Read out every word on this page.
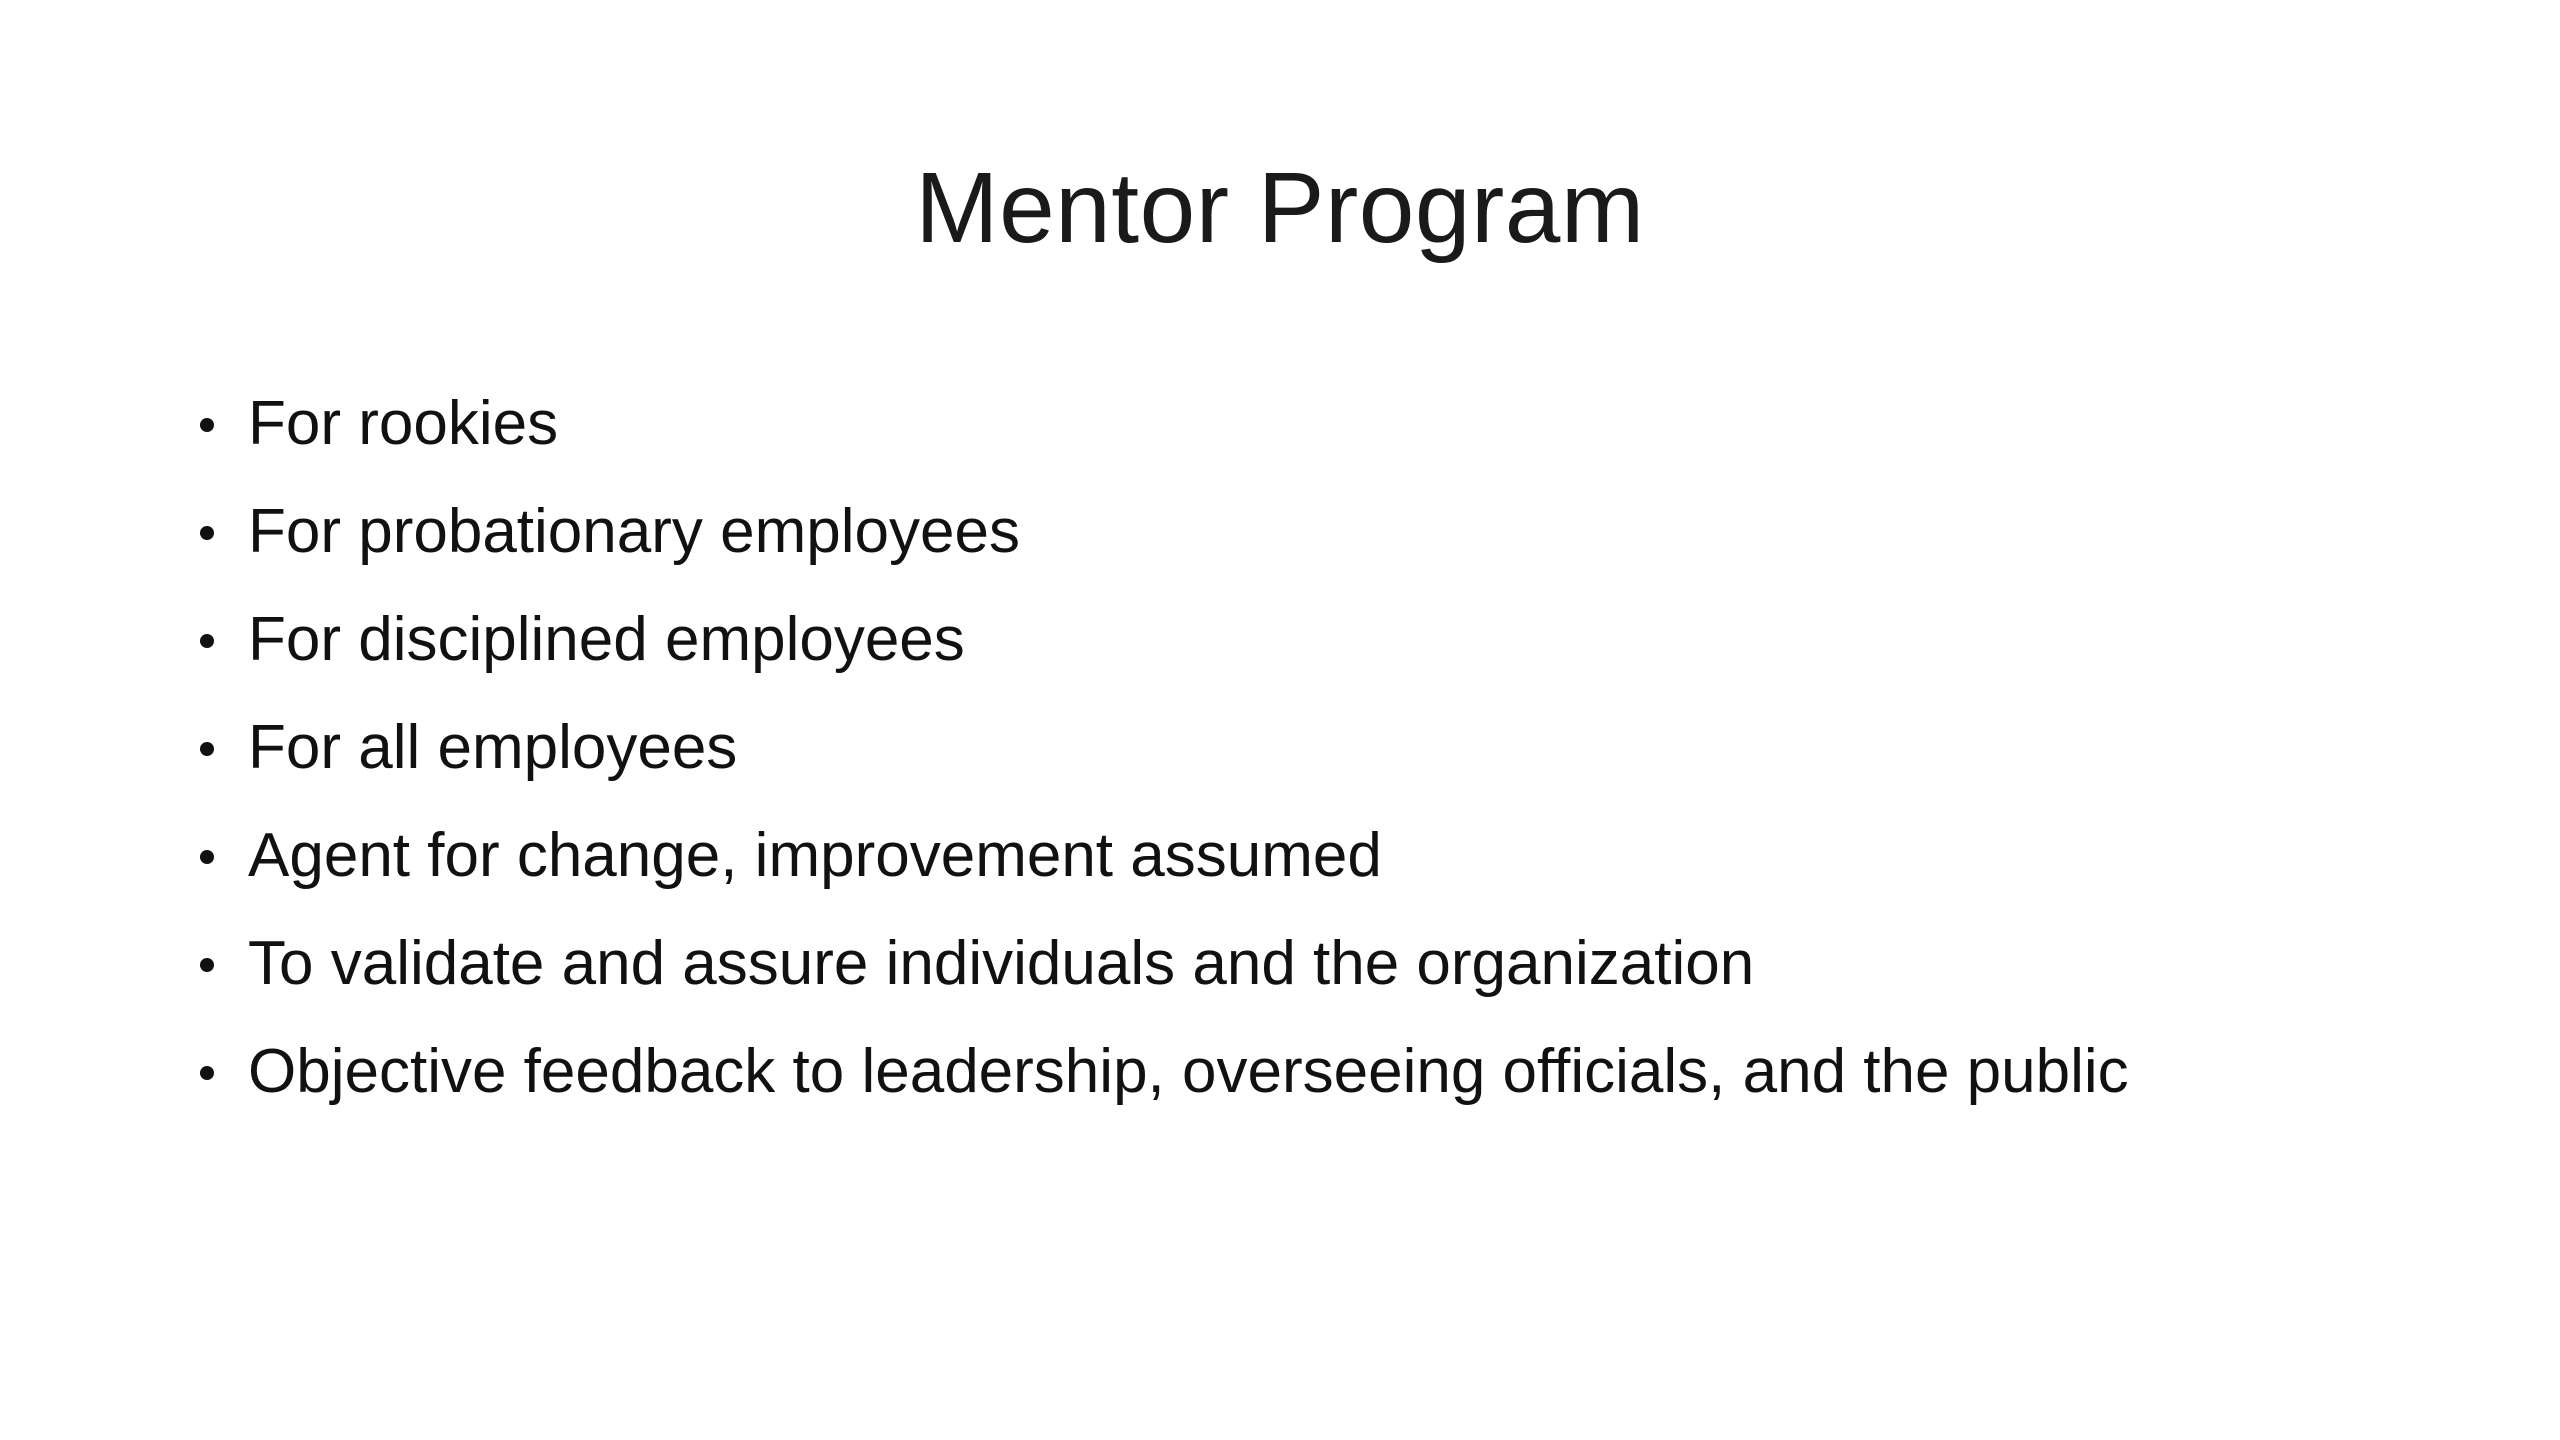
Mentor Program
For rookies
For probationary employees
For disciplined employees
For all employees
Agent for change, improvement assumed
To validate and assure individuals and the organization
Objective feedback to leadership, overseeing officials, and the public
